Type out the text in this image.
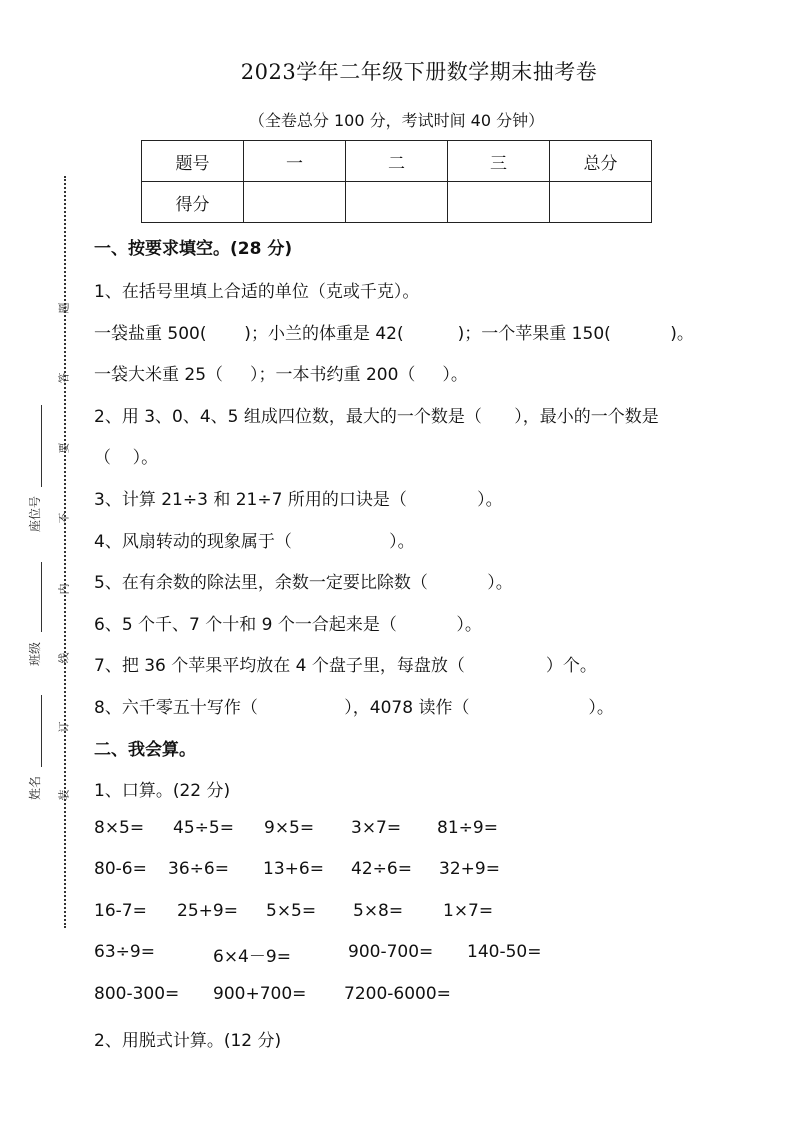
2023学年二年级下册数学期末抽考卷
（全卷总分 100 分，考试时间 40 分钟）
题号	一	二	三	总分
得分				
装
订
线
内
不
要
答
题
座位号
班级
姓名
一、按要求填空。(28 分)
1、在括号里填上合适的单位（克或千克）。
一袋盐重 500(       )；小兰的体重是 42(          )；一个苹果重 150(           )。
一袋大米重 25（     ）；一本书约重 200（     ）。
2、用 3、0、4、5 组成四位数，最大的一个数是（      ），最小的一个数是
（    ）。
3、计算 21÷3 和 21÷7 所用的口诀是（             ）。
4、风扇转动的现象属于（                  ）。
5、在有余数的除法里，余数一定要比除数（           ）。
6、5 个千、7 个十和 9 个一合起来是（           ）。
7、把 36 个苹果平均放在 4 个盘子里，每盘放（               ）个。
8、六千零五十写作（                ），4078 读作（                      ）。
二、我会算。
1、口算。(22 分)
8×5= 45÷5= 9×5= 3×7= 81÷9=
80-6= 36÷6= 13+6= 42÷6= 32+9=
16-7= 25+9= 5×5= 5×8= 1×7=
63÷9=	6×4－9=	900-700= 140-50=
800-300= 900+700= 7200-6000=
2、用脱式计算。(12 分)
